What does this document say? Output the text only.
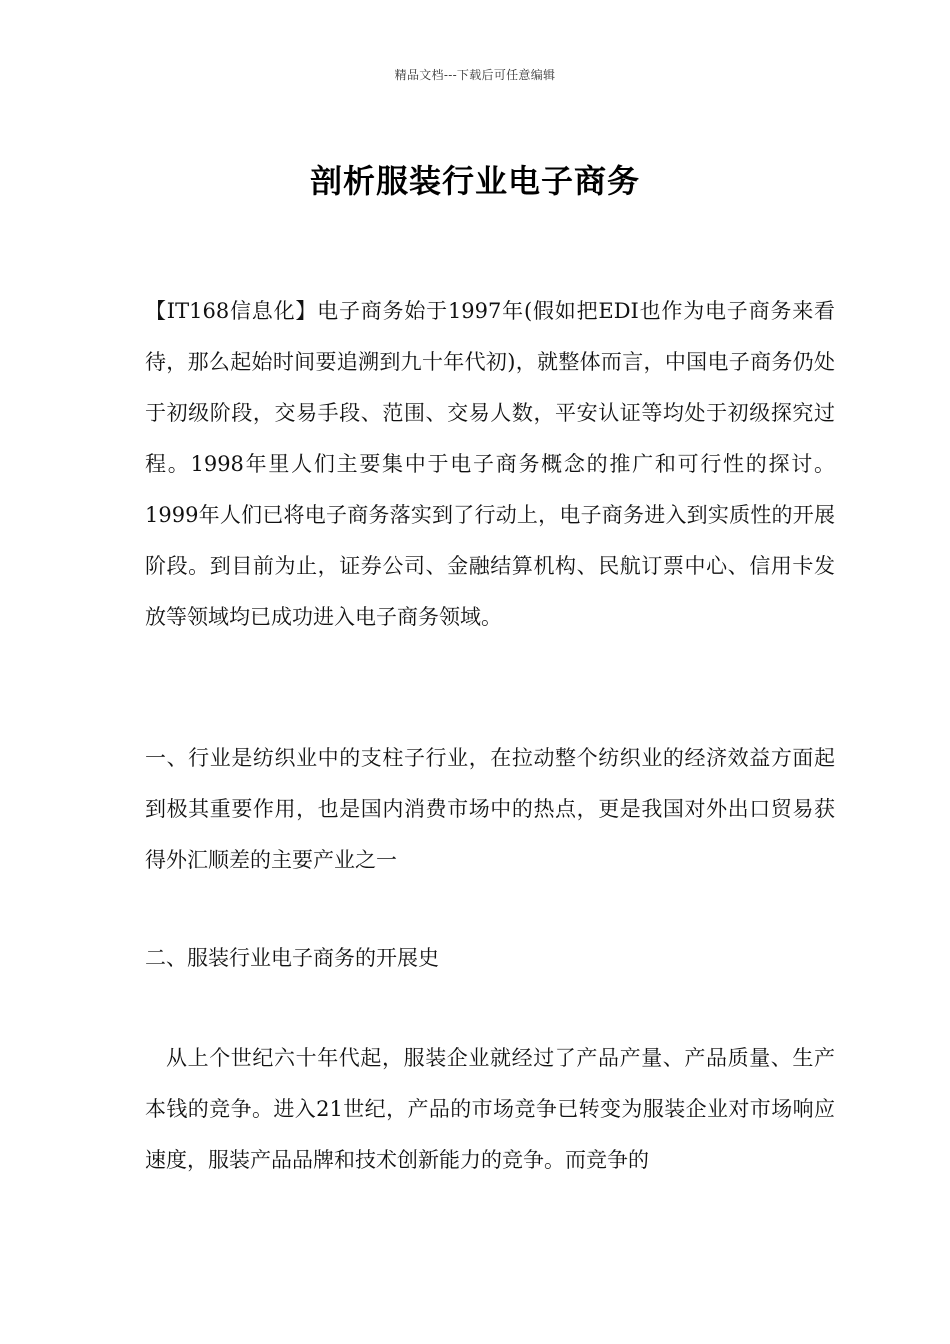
精品文档---下载后可任意编辑
剖析服装行业电子商务

【IT168信息化】电子商务始于1997年(假如把EDI也作为电子商务来看待，那么起始时间要追溯到九十年代初)，就整体而言，中国电子商务仍处于初级阶段，交易手段、范围、交易人数，平安认证等均处于初级探究过程。1998年里人们主要集中于电子商务概念的推广和可行性的探讨。1999年人们已将电子商务落实到了行动上，电子商务进入到实质性的开展阶段。到目前为止，证券公司、金融结算机构、民航订票中心、信用卡发放等领域均已成功进入电子商务领域。

一、行业是纺织业中的支柱子行业，在拉动整个纺织业的经济效益方面起到极其重要作用，也是国内消费市场中的热点，更是我国对外出口贸易获得外汇顺差的主要产业之一

二、服装行业电子商务的开展史

从上个世纪六十年代起，服装企业就经过了产品产量、产品质量、生产本钱的竞争。进入21世纪，产品的市场竞争已转变为服装企业对市场响应速度，服装产品品牌和技术创新能力的竞争。而竞争的
